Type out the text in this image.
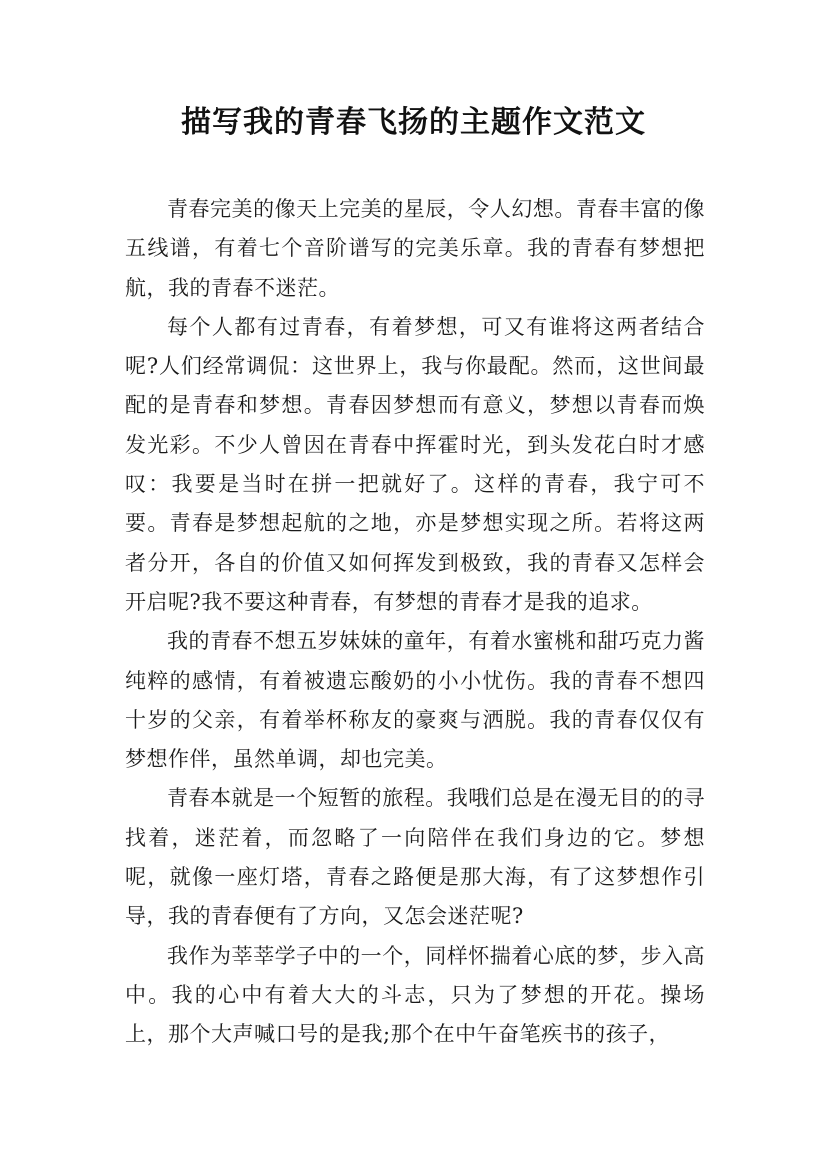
描写我的青春飞扬的主题作文范文

青春完美的像天上完美的星辰，令人幻想。青春丰富的像五线谱，有着七个音阶谱写的完美乐章。我的青春有梦想把航，我的青春不迷茫。

每个人都有过青春，有着梦想，可又有谁将这两者结合呢?人们经常调侃：这世界上，我与你最配。然而，这世间最配的是青春和梦想。青春因梦想而有意义，梦想以青春而焕发光彩。不少人曾因在青春中挥霍时光，到头发花白时才感叹：我要是当时在拼一把就好了。这样的青春，我宁可不要。青春是梦想起航的之地，亦是梦想实现之所。若将这两者分开，各自的价值又如何挥发到极致，我的青春又怎样会开启呢?我不要这种青春，有梦想的青春才是我的追求。

我的青春不想五岁妹妹的童年，有着水蜜桃和甜巧克力酱纯粹的感情，有着被遗忘酸奶的小小忧伤。我的青春不想四十岁的父亲，有着举杯称友的豪爽与洒脱。我的青春仅仅有梦想作伴，虽然单调，却也完美。

青春本就是一个短暂的旅程。我哦们总是在漫无目的的寻找着，迷茫着，而忽略了一向陪伴在我们身边的它。梦想呢，就像一座灯塔，青春之路便是那大海，有了这梦想作引导，我的青春便有了方向，又怎会迷茫呢?

我作为莘莘学子中的一个，同样怀揣着心底的梦，步入高中。我的心中有着大大的斗志，只为了梦想的开花。操场上，那个大声喊口号的是我;那个在中午奋笔疾书的孩子，
